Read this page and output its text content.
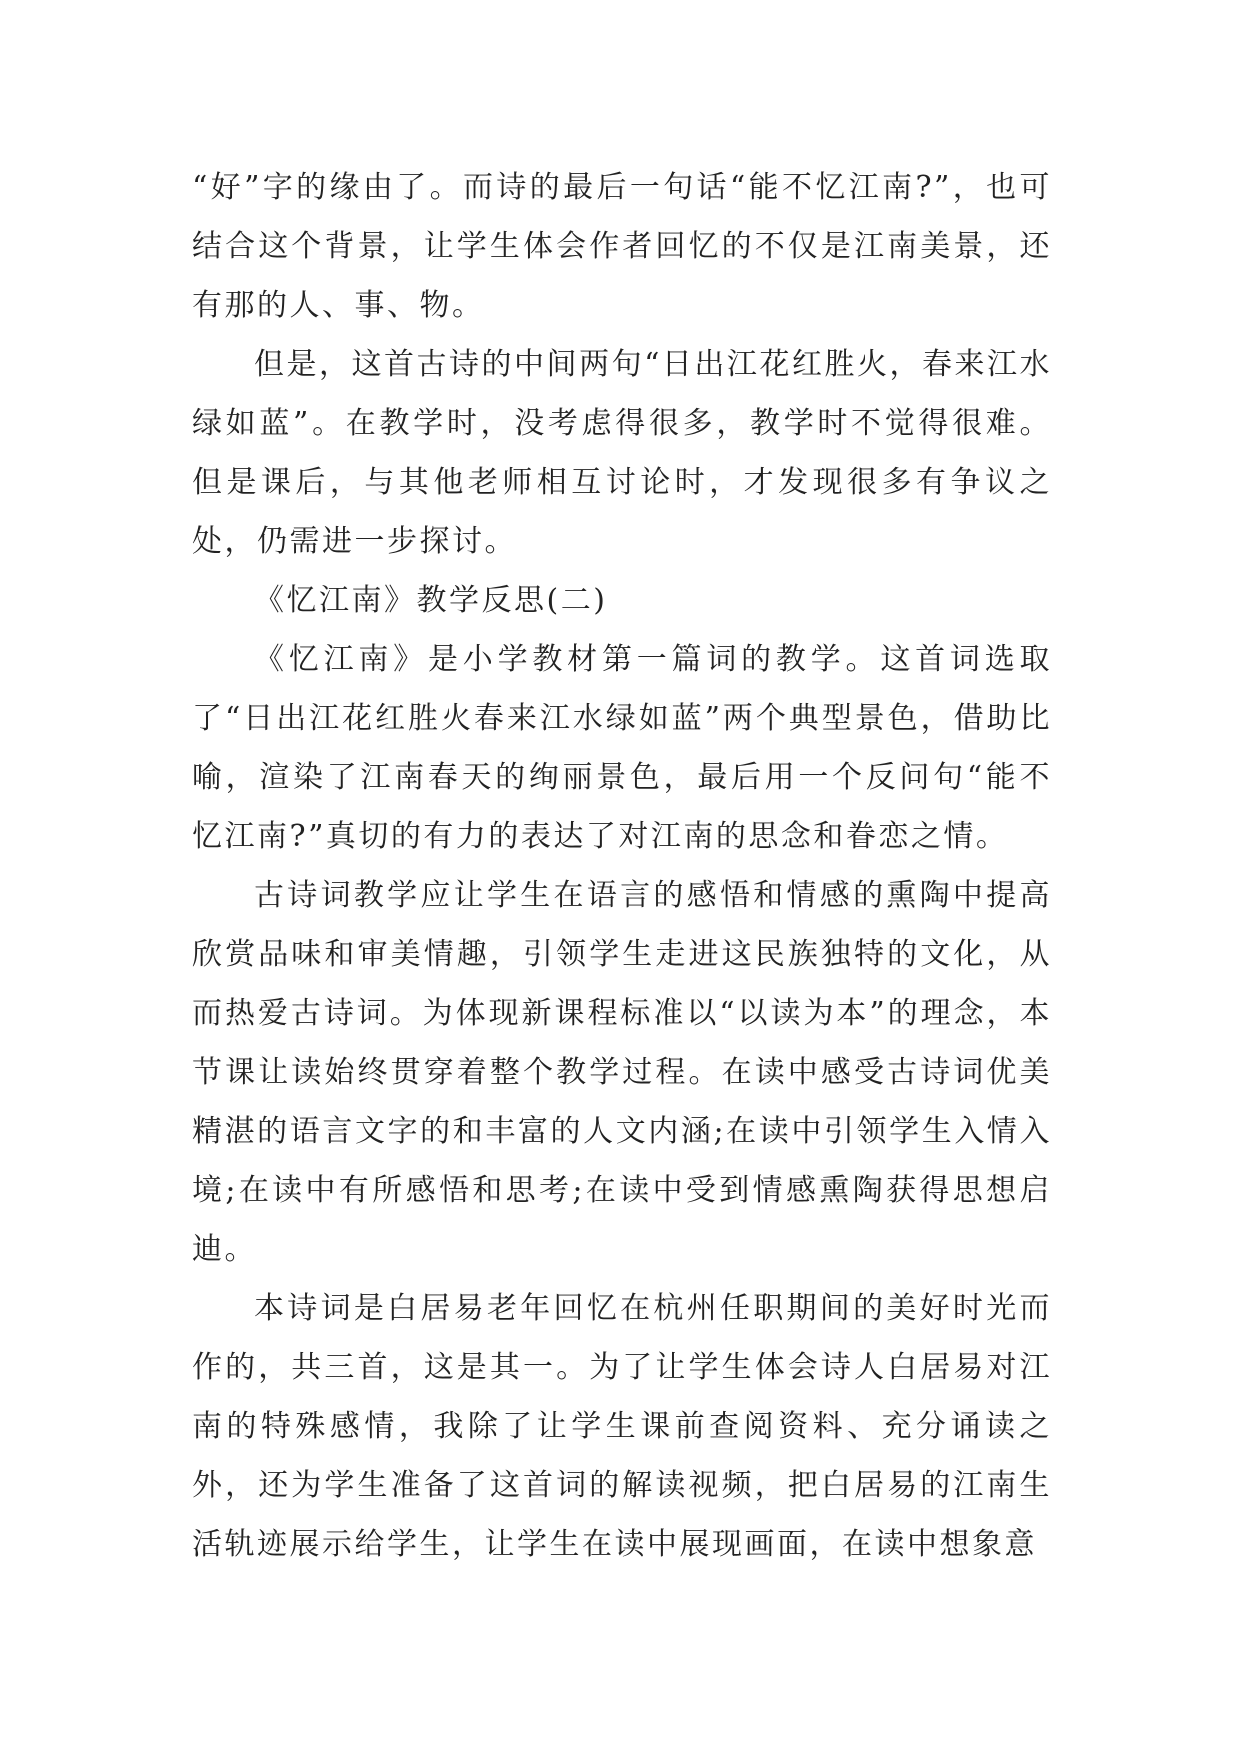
“好”字的缘由了。而诗的最后一句话“能不忆江南?”，也可结合这个背景，让学生体会作者回忆的不仅是江南美景，还有那的人、事、物。

但是，这首古诗的中间两句“日出江花红胜火，春来江水绿如蓝”。在教学时，没考虑得很多，教学时不觉得很难。但是课后，与其他老师相互讨论时，才发现很多有争议之处，仍需进一步探讨。

《忆江南》教学反思(二)

《忆江南》是小学教材第一篇词的教学。这首词选取了“日出江花红胜火春来江水绿如蓝”两个典型景色，借助比喻，渲染了江南春天的绚丽景色，最后用一个反问句“能不忆江南?”真切的有力的表达了对江南的思念和眷恋之情。

古诗词教学应让学生在语言的感悟和情感的熏陶中提高欣赏品味和审美情趣，引领学生走进这民族独特的文化，从而热爱古诗词。为体现新课程标准以“以读为本”的理念，本节课让读始终贯穿着整个教学过程。在读中感受古诗词优美精湛的语言文字的和丰富的人文内涵;在读中引领学生入情入境;在读中有所感悟和思考;在读中受到情感熏陶获得思想启迪。

本诗词是白居易老年回忆在杭州任职期间的美好时光而作的，共三首，这是其一。为了让学生体会诗人白居易对江南的特殊感情，我除了让学生课前查阅资料、充分诵读之外，还为学生准备了这首词的解读视频，把白居易的江南生活轨迹展示给学生，让学生在读中展现画面，在读中想象意
